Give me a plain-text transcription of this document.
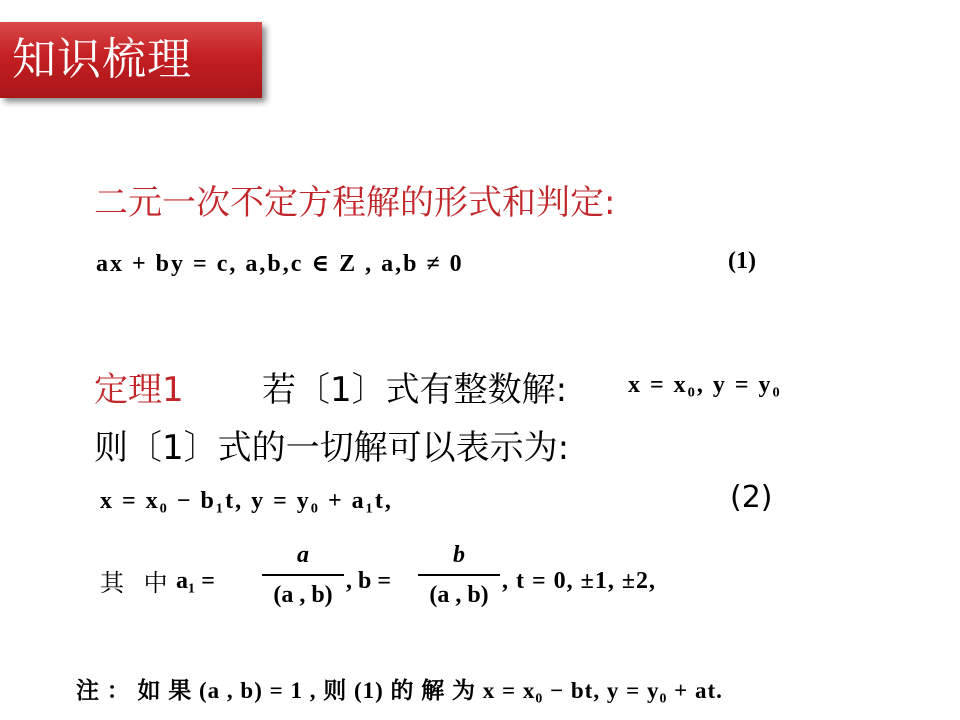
知识梳理
二元一次不定方程解的形式和判定:
ax + by = c, a,b,c ∈ Z , a,b ≠ 0	(1)
定理1 若〔1〕式有整数解:	x = x₀, y = y₀
则〔1〕式的一切解可以表示为:
x = x₀ − b₁t, y = y₀ + a₁t,	(2)
其 中 a₁ =
a
(a , b)
, b =
b
(a , b)
, t = 0, ±1, ±2,
注 ： 如 果 (a , b) = 1 , 则 (1) 的 解 为 x = x₀ − bt, y = y₀ + at.
